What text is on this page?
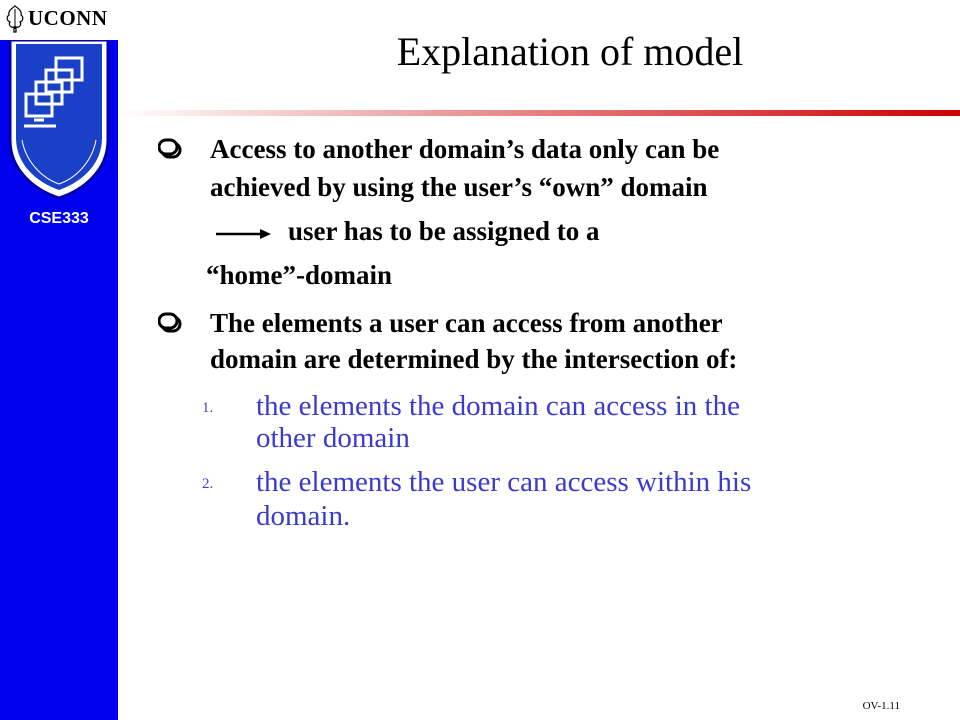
UCONN
CSE333
Explanation of model
Access to another domain’s data only can be
achieved by using the user’s “own” domain
user has to be assigned to a
“home”-domain
The elements a user can access from another
domain are determined by the intersection of:
1. the elements the domain can access in the
other domain
2. the elements the user can access within his
domain.
OV-1.11
